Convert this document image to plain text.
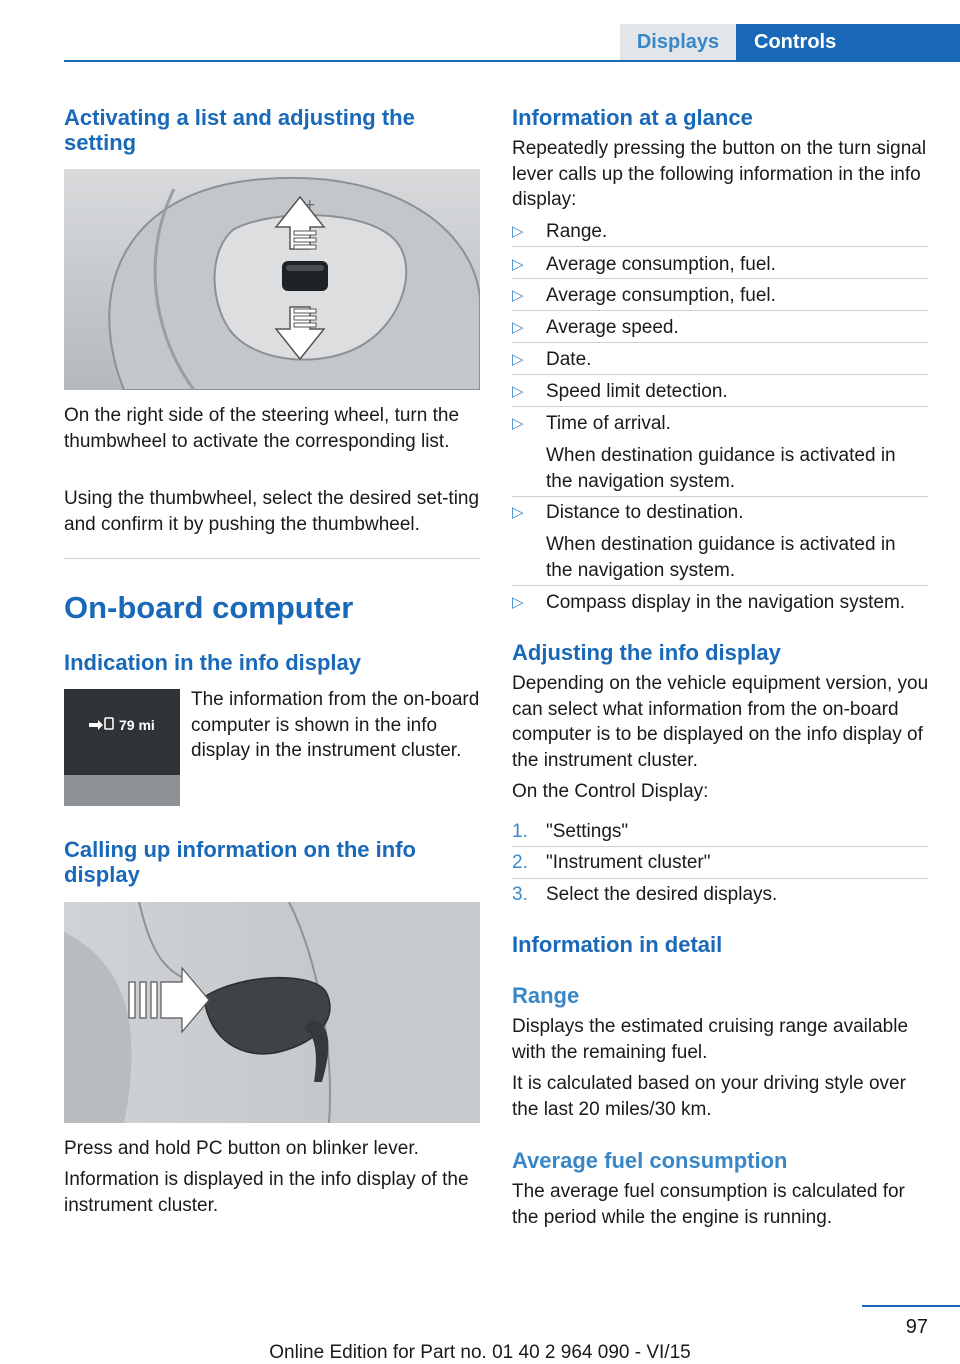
Displays	Controls
Activating a list and adjusting the setting
+

On the right side of the steering wheel, turn the thumbwheel to activate the corresponding list.

Using the thumbwheel, select the desired set-ting and confirm it by pushing the thumbwheel.

On-board computer
Indication in the info display
79 mi

The information from the on-board computer is shown in the info display in the instrument cluster.

Calling up information on the info display

Press and hold PC button on blinker lever.

Information is displayed in the info display of the instrument cluster.

Information at a glance

Repeatedly pressing the button on the turn signal lever calls up the following information in the info display:

▷ Range.
▷ Average consumption, fuel.
▷ Average consumption, fuel.
▷ Average speed.
▷ Date.
▷ Speed limit detection.
▷ Time of arrival.

When destination guidance is activated in the navigation system.

▷ Distance to destination.

When destination guidance is activated in the navigation system.

▷ Compass display in the navigation system.
Adjusting the info display

Depending on the vehicle equipment version, you can select what information from the on-board computer is to be displayed on the info display of the instrument cluster.

On the Control Display:

1. "Settings"
2. "Instrument cluster"
3. Select the desired displays.
Information in detail
Range

Displays the estimated cruising range available with the remaining fuel.

It is calculated based on your driving style over the last 20 miles/30 km.

Average fuel consumption

The average fuel consumption is calculated for the period while the engine is running.

97
Online Edition for Part no. 01 40 2 964 090 - VI/15
